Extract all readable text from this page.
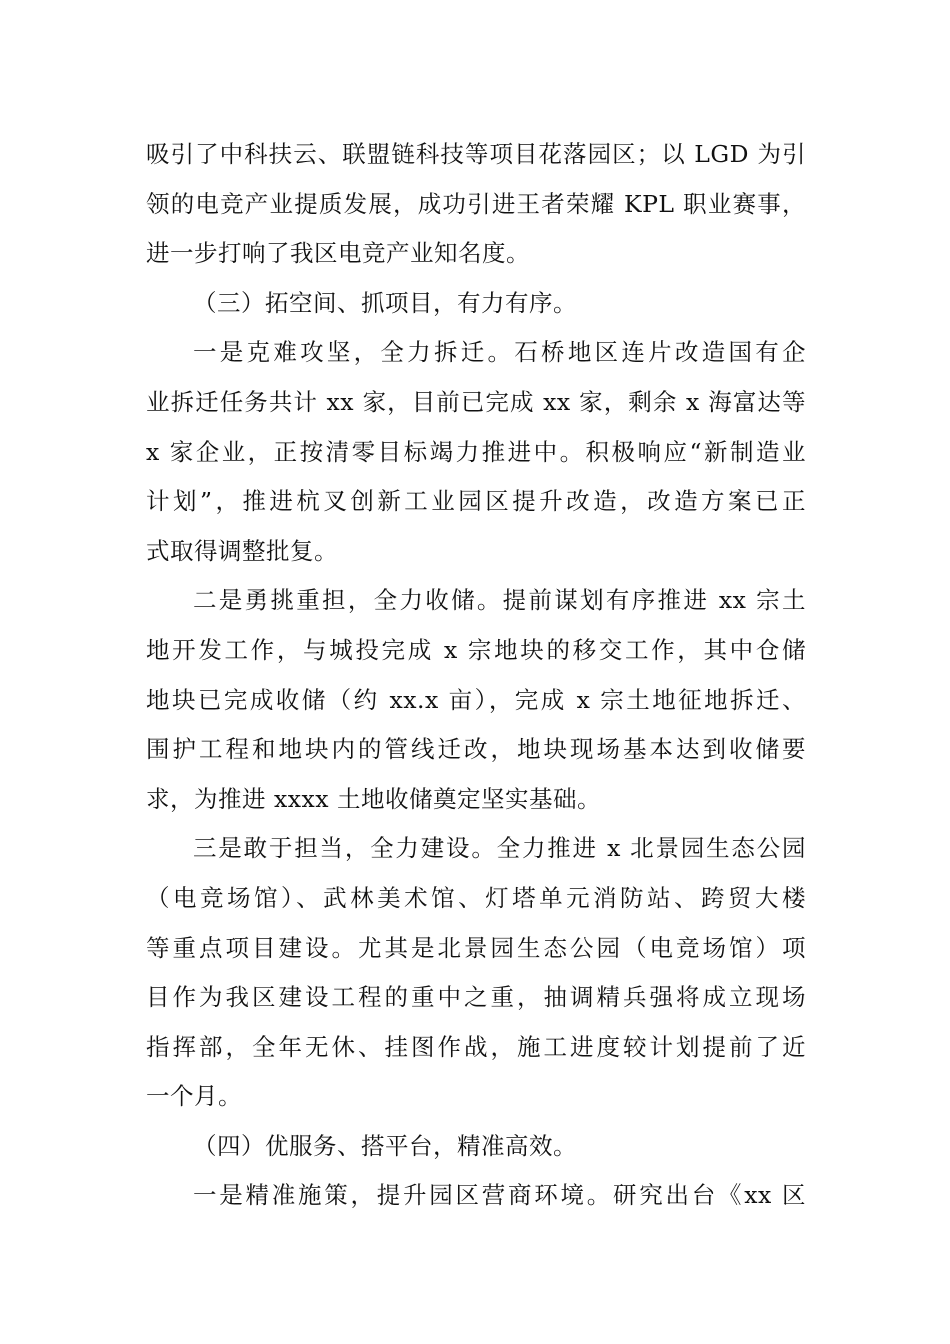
吸引了中科扶云、联盟链科技等项目花落园区；以 LGD 为引
领的电竞产业提质发展，成功引进王者荣耀 KPL 职业赛事，
进一步打响了我区电竞产业知名度。

（三）拓空间、抓项目，有力有序。

一是克难攻坚，全力拆迁。石桥地区连片改造国有企
业拆迁任务共计 xx 家，目前已完成 xx 家，剩余 x 海富达等
x 家企业，正按清零目标竭力推进中。积极响应“新制造业
计划”，推进杭叉创新工业园区提升改造，改造方案已正
式取得调整批复。

二是勇挑重担，全力收储。提前谋划有序推进 xx 宗土
地开发工作，与城投完成 x 宗地块的移交工作，其中仓储
地块已完成收储（约 xx.x 亩），完成 x 宗土地征地拆迁、
围护工程和地块内的管线迁改，地块现场基本达到收储要
求，为推进 xxxx 土地收储奠定坚实基础。

三是敢于担当，全力建设。全力推进 x 北景园生态公园
（电竞场馆）、武林美术馆、灯塔单元消防站、跨贸大楼
等重点项目建设。尤其是北景园生态公园（电竞场馆）项
目作为我区建设工程的重中之重，抽调精兵强将成立现场
指挥部，全年无休、挂图作战，施工进度较计划提前了近
一个月。

（四）优服务、搭平台，精准高效。

一是精准施策，提升园区营商环境。研究出台《xx 区
